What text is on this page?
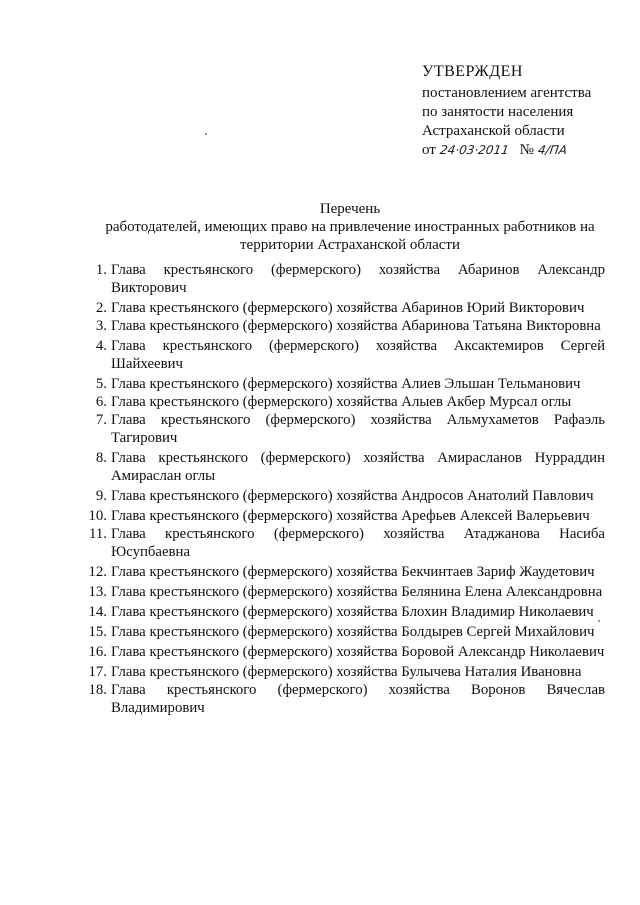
УТВЕРЖДЕН
постановлением агентства
по занятости населения
Астраханской области
от 24·03·2011 № 4/ПА
Перечень
работодателей, имеющих право на привлечение иностранных работников на
территории Астраханской области
1. Глава крестьянского (фермерского) хозяйства Абаринов Александр Викторович
2. Глава крестьянского (фермерского) хозяйства Абаринов Юрий Викторович
3. Глава крестьянского (фермерского) хозяйства Абаринова Татьяна Викторовна
4. Глава крестьянского (фермерского) хозяйства Аксактемиров Сергей Шайхеевич
5. Глава крестьянского (фермерского) хозяйства Алиев Эльшан Тельманович
6. Глава крестьянского (фермерского) хозяйства Алыев Акбер Мурсал оглы
7. Глава крестьянского (фермерского) хозяйства Альмухаметов Рафаэль Тагирович
8. Глава крестьянского (фермерского) хозяйства Амирасланов Нурраддин Амираслан оглы
9. Глава крестьянского (фермерского) хозяйства Андросов Анатолий Павлович
10. Глава крестьянского (фермерского) хозяйства Арефьев Алексей Валерьевич
11. Глава крестьянского (фермерского) хозяйства Атаджанова Насиба Юсупбаевна
12. Глава крестьянского (фермерского) хозяйства Бекчинтаев Зариф Жаудетович
13. Глава крестьянского (фермерского) хозяйства Белянина Елена Александровна
14. Глава крестьянского (фермерского) хозяйства Блохин Владимир Николаевич
15. Глава крестьянского (фермерского) хозяйства Болдырев Сергей Михайлович
16. Глава крестьянского (фермерского) хозяйства Боровой Александр Николаевич
17. Глава крестьянского (фермерского) хозяйства Булычева Наталия Ивановна
18. Глава крестьянского (фермерского) хозяйства Воронов Вячеслав Владимирович
